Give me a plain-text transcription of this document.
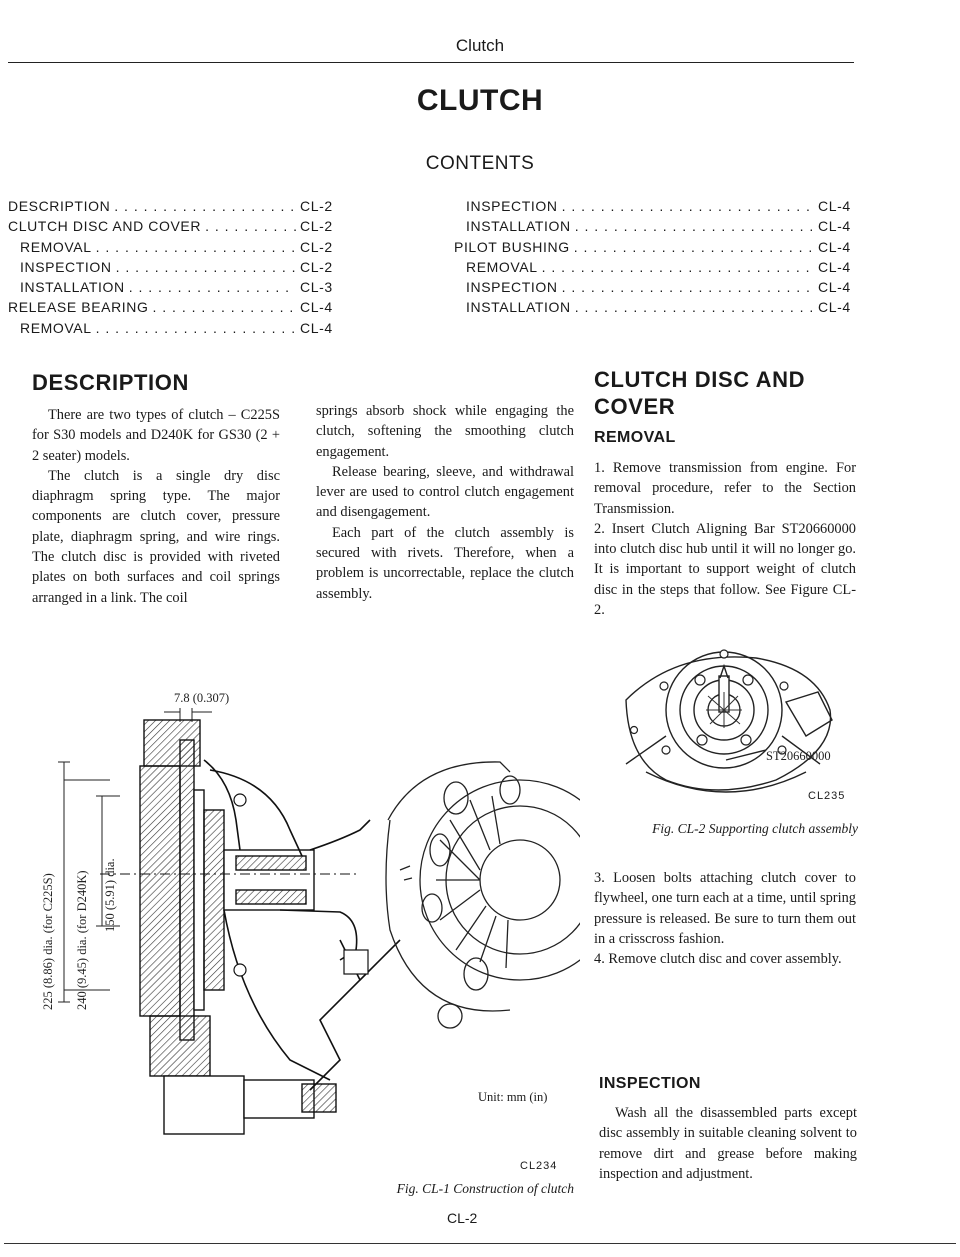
Clutch
CLUTCH
CONTENTS
DESCRIPTION . . .	CL-2
CLUTCH DISC AND COVER . . .	CL-2
REMOVAL . . .	CL-2
INSPECTION . . .	CL-2
INSTALLATION . . .	CL-3
RELEASE BEARING . . .	CL-4
REMOVAL . . .	CL-4
INSPECTION . . .	CL-4
INSTALLATION . . .	CL-4
PILOT BUSHING . . .	CL-4
REMOVAL . . .	CL-4
INSPECTION . . .	CL-4
INSTALLATION . . .	CL-4
DESCRIPTION

There are two types of clutch – C225S for S30 models and D240K for GS30 (2 + 2 seater) models.

The clutch is a single dry disc diaphragm spring type. The major components are clutch cover, pressure plate, diaphragm spring, and wire rings. The clutch disc is provided with riveted plates on both surfaces and coil springs arranged in a link. The coil

springs absorb shock while engaging the clutch, softening the smoothing clutch engagement.

Release bearing, sleeve, and withdrawal lever are used to control clutch engagement and disengagement.

Each part of the clutch assembly is secured with rivets. Therefore, when a problem is uncorrectable, replace the clutch assembly.

CLUTCH DISC AND COVER
REMOVAL

1. Remove transmission from engine. For removal procedure, refer to the Section Transmission.

2. Insert Clutch Aligning Bar ST20660000 into clutch disc hub until it will no longer go. It is important to support weight of clutch disc in the steps that follow. See Figure CL-2.

ST20660000
CL235
Fig. CL-2 Supporting clutch assembly

3. Loosen bolts attaching clutch cover to flywheel, one turn each at a time, until spring pressure is released. Be sure to turn them out in a crisscross fashion.

4. Remove clutch disc and cover assembly.

INSPECTION

Wash all the disassembled parts except disc assembly in suitable cleaning solvent to remove dirt and grease before making inspection and adjustment.

7.8 (0.307)
225 (8.86) dia. (for C225S) 240 (9.45) dia. (for D240K) 150 (5.91) dia.
Unit: mm (in)
CL234
Fig. CL-1 Construction of clutch
CL-2
